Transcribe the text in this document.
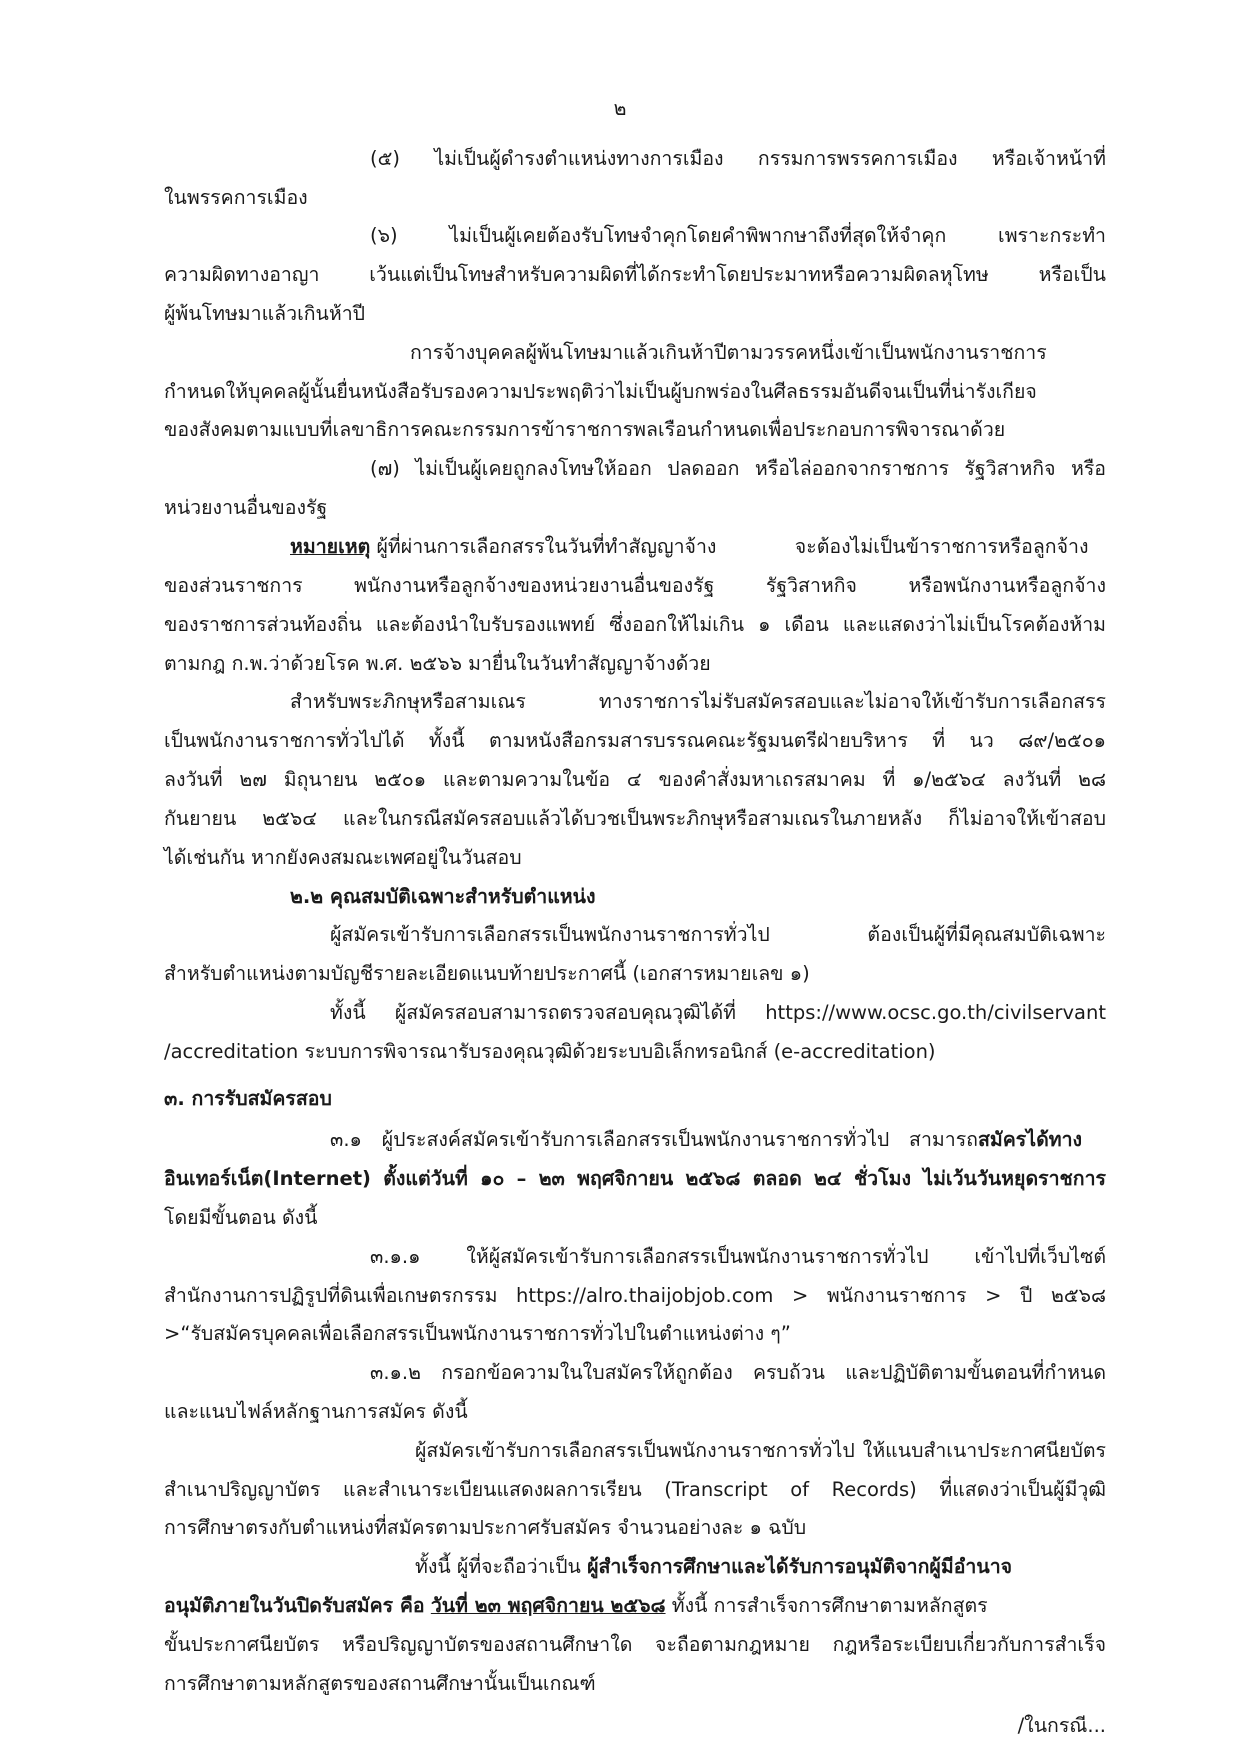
๒
(๕) ไม่เป็นผู้ดำรงตำแหน่งทางการเมือง กรรมการพรรคการเมือง หรือเจ้าหน้าที่
ในพรรคการเมือง
(๖) ไม่เป็นผู้เคยต้องรับโทษจำคุกโดยคำพิพากษาถึงที่สุดให้จำคุก เพราะกระทำ
ความผิดทางอาญา เว้นแต่เป็นโทษสำหรับความผิดที่ได้กระทำโดยประมาทหรือความผิดลหุโทษ หรือเป็น
ผู้พ้นโทษมาแล้วเกินห้าปี
การจ้างบุคคลผู้พ้นโทษมาแล้วเกินห้าปีตามวรรคหนึ่งเข้าเป็นพนักงานราชการ
กำหนดให้บุคคลผู้นั้นยื่นหนังสือรับรองความประพฤติว่าไม่เป็นผู้บกพร่องในศีลธรรมอันดีจนเป็นที่น่ารังเกียจ
ของสังคมตามแบบที่เลขาธิการคณะกรรมการข้าราชการพลเรือนกำหนดเพื่อประกอบการพิจารณาด้วย
(๗) ไม่เป็นผู้เคยถูกลงโทษให้ออก ปลดออก หรือไล่ออกจากราชการ รัฐวิสาหกิจ หรือ
หน่วยงานอื่นของรัฐ
หมายเหตุ ผู้ที่ผ่านการเลือกสรรในวันที่ทำสัญญาจ้าง จะต้องไม่เป็นข้าราชการหรือลูกจ้าง
ของส่วนราชการ พนักงานหรือลูกจ้างของหน่วยงานอื่นของรัฐ รัฐวิสาหกิจ หรือพนักงานหรือลูกจ้าง
ของราชการส่วนท้องถิ่น และต้องนำใบรับรองแพทย์ ซึ่งออกให้ไม่เกิน ๑ เดือน และแสดงว่าไม่เป็นโรคต้องห้าม
ตามกฎ ก.พ.ว่าด้วยโรค พ.ศ. ๒๕๖๖ มายื่นในวันทำสัญญาจ้างด้วย
สำหรับพระภิกษุหรือสามเณร ทางราชการไม่รับสมัครสอบและไม่อาจให้เข้ารับการเลือกสรร
เป็นพนักงานราชการทั่วไปได้ ทั้งนี้ ตามหนังสือกรมสารบรรณคณะรัฐมนตรีฝ่ายบริหาร ที่ นว ๘๙/๒๕๐๑
ลงวันที่ ๒๗ มิถุนายน ๒๕๐๑ และตามความในข้อ ๔ ของคำสั่งมหาเถรสมาคม ที่ ๑/๒๕๖๔ ลงวันที่ ๒๘
กันยายน ๒๕๖๔ และในกรณีสมัครสอบแล้วได้บวชเป็นพระภิกษุหรือสามเณรในภายหลัง ก็ไม่อาจให้เข้าสอบ
ได้เช่นกัน หากยังคงสมณะเพศอยู่ในวันสอบ
๒.๒ คุณสมบัติเฉพาะสำหรับตำแหน่ง
ผู้สมัครเข้ารับการเลือกสรรเป็นพนักงานราชการทั่วไป ต้องเป็นผู้ที่มีคุณสมบัติเฉพาะ
สำหรับตำแหน่งตามบัญชีรายละเอียดแนบท้ายประกาศนี้ (เอกสารหมายเลข ๑)
ทั้งนี้ ผู้สมัครสอบสามารถตรวจสอบคุณวุฒิได้ที่ https://www.ocsc.go.th/civilservant
/accreditation ระบบการพิจารณารับรองคุณวุฒิด้วยระบบอิเล็กทรอนิกส์ (e-accreditation)
๓. การรับสมัครสอบ
๓.๑ ผู้ประสงค์สมัครเข้ารับการเลือกสรรเป็นพนักงานราชการทั่วไป สามารถสมัครได้ทาง
อินเทอร์เน็ต(Internet) ตั้งแต่วันที่ ๑๐ – ๒๓ พฤศจิกายน ๒๕๖๘ ตลอด ๒๔ ชั่วโมง ไม่เว้นวันหยุดราชการ
โดยมีขั้นตอน ดังนี้
๓.๑.๑ ให้ผู้สมัครเข้ารับการเลือกสรรเป็นพนักงานราชการทั่วไป เข้าไปที่เว็บไซต์
สำนักงานการปฏิรูปที่ดินเพื่อเกษตรกรรม https://alro.thaijobjob.com > พนักงานราชการ > ปี ๒๕๖๘
>“รับสมัครบุคคลเพื่อเลือกสรรเป็นพนักงานราชการทั่วไปในตำแหน่งต่าง ๆ”
๓.๑.๒ กรอกข้อความในใบสมัครให้ถูกต้อง ครบถ้วน และปฏิบัติตามขั้นตอนที่กำหนด
และแนบไฟล์หลักฐานการสมัคร ดังนี้
ผู้สมัครเข้ารับการเลือกสรรเป็นพนักงานราชการทั่วไป ให้แนบสำเนาประกาศนียบัตร
สำเนาปริญญาบัตร และสำเนาระเบียนแสดงผลการเรียน (Transcript of Records) ที่แสดงว่าเป็นผู้มีวุฒิ
การศึกษาตรงกับตำแหน่งที่สมัครตามประกาศรับสมัคร จำนวนอย่างละ ๑ ฉบับ
ทั้งนี้ ผู้ที่จะถือว่าเป็น ผู้สำเร็จการศึกษาและได้รับการอนุมัติจากผู้มีอำนาจ
อนุมัติภายในวันปิดรับสมัคร คือ วันที่ ๒๓ พฤศจิกายน ๒๕๖๘ ทั้งนี้ การสำเร็จการศึกษาตามหลักสูตร
ขั้นประกาศนียบัตร หรือปริญญาบัตรของสถานศึกษาใด จะถือตามกฎหมาย กฎหรือระเบียบเกี่ยวกับการสำเร็จ
การศึกษาตามหลักสูตรของสถานศึกษานั้นเป็นเกณฑ์
/ในกรณี...
